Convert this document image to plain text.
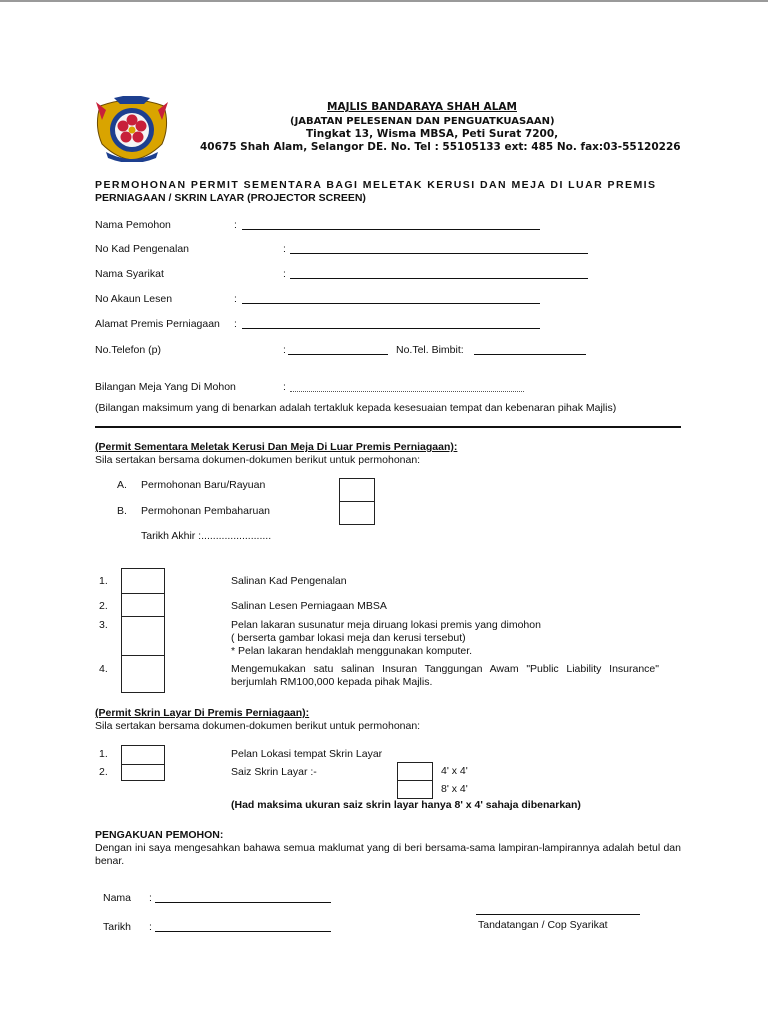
MAJLIS BANDARAYA SHAH ALAM
(JABATAN PELESENAN DAN PENGUATKUASAAN)
Tingkat 13, Wisma MBSA, Peti Surat 7200,
40675 Shah Alam, Selangor DE. No. Tel : 55105133 ext: 485 No. fax:03-55120226
PERMOHONAN PERMIT SEMENTARA BAGI MELETAK KERUSI DAN MEJA DI LUAR PREMIS
PERNIAGAAN / SKRIN LAYAR (PROJECTOR SCREEN)
Nama Pemohon	:
No Kad Pengenalan	:
Nama Syarikat	:
No Akaun Lesen	:
Alamat Premis Perniagaan :
No.Telefon (p)	:	No.Tel. Bimbit:
Bilangan Meja Yang Di Mohon	:
(Bilangan maksimum yang di benarkan adalah tertakluk kepada kesesuaian tempat dan kebenaran pihak Majlis)
(Permit Sementara Meletak Kerusi Dan Meja Di Luar Premis Perniagaan):
Sila sertakan bersama dokumen-dokumen berikut untuk permohonan:
A. Permohonan Baru/Rayuan
B. Permohonan Pembaharuan
Tarikh Akhir :........................
1.	Salinan Kad Pengenalan
2.	Salinan Lesen Perniagaan MBSA
3.	Pelan lakaran susunatur meja diruang lokasi premis yang dimohon
( berserta gambar lokasi meja dan kerusi tersebut)
* Pelan lakaran hendaklah menggunakan komputer.
4.	Mengemukakan satu salinan Insuran Tanggungan Awam "Public Liability Insurance" berjumlah RM100,000 kepada pihak Majlis.
(Permit Skrin Layar Di Premis Perniagaan):
Sila sertakan bersama dokumen-dokumen berikut untuk permohonan:
1.	Pelan Lokasi tempat Skrin Layar
2.	Saiz Skrin Layar :-	4' x 4'
8' x 4'
(Had maksima ukuran saiz skrin layar hanya 8' x 4' sahaja dibenarkan)
PENGAKUAN PEMOHON:
Dengan ini saya mengesahkan bahawa semua maklumat yang di beri bersama-sama lampiran-lampirannya adalah betul dan benar.
Nama :
Tarikh :	Tandatangan / Cop Syarikat
